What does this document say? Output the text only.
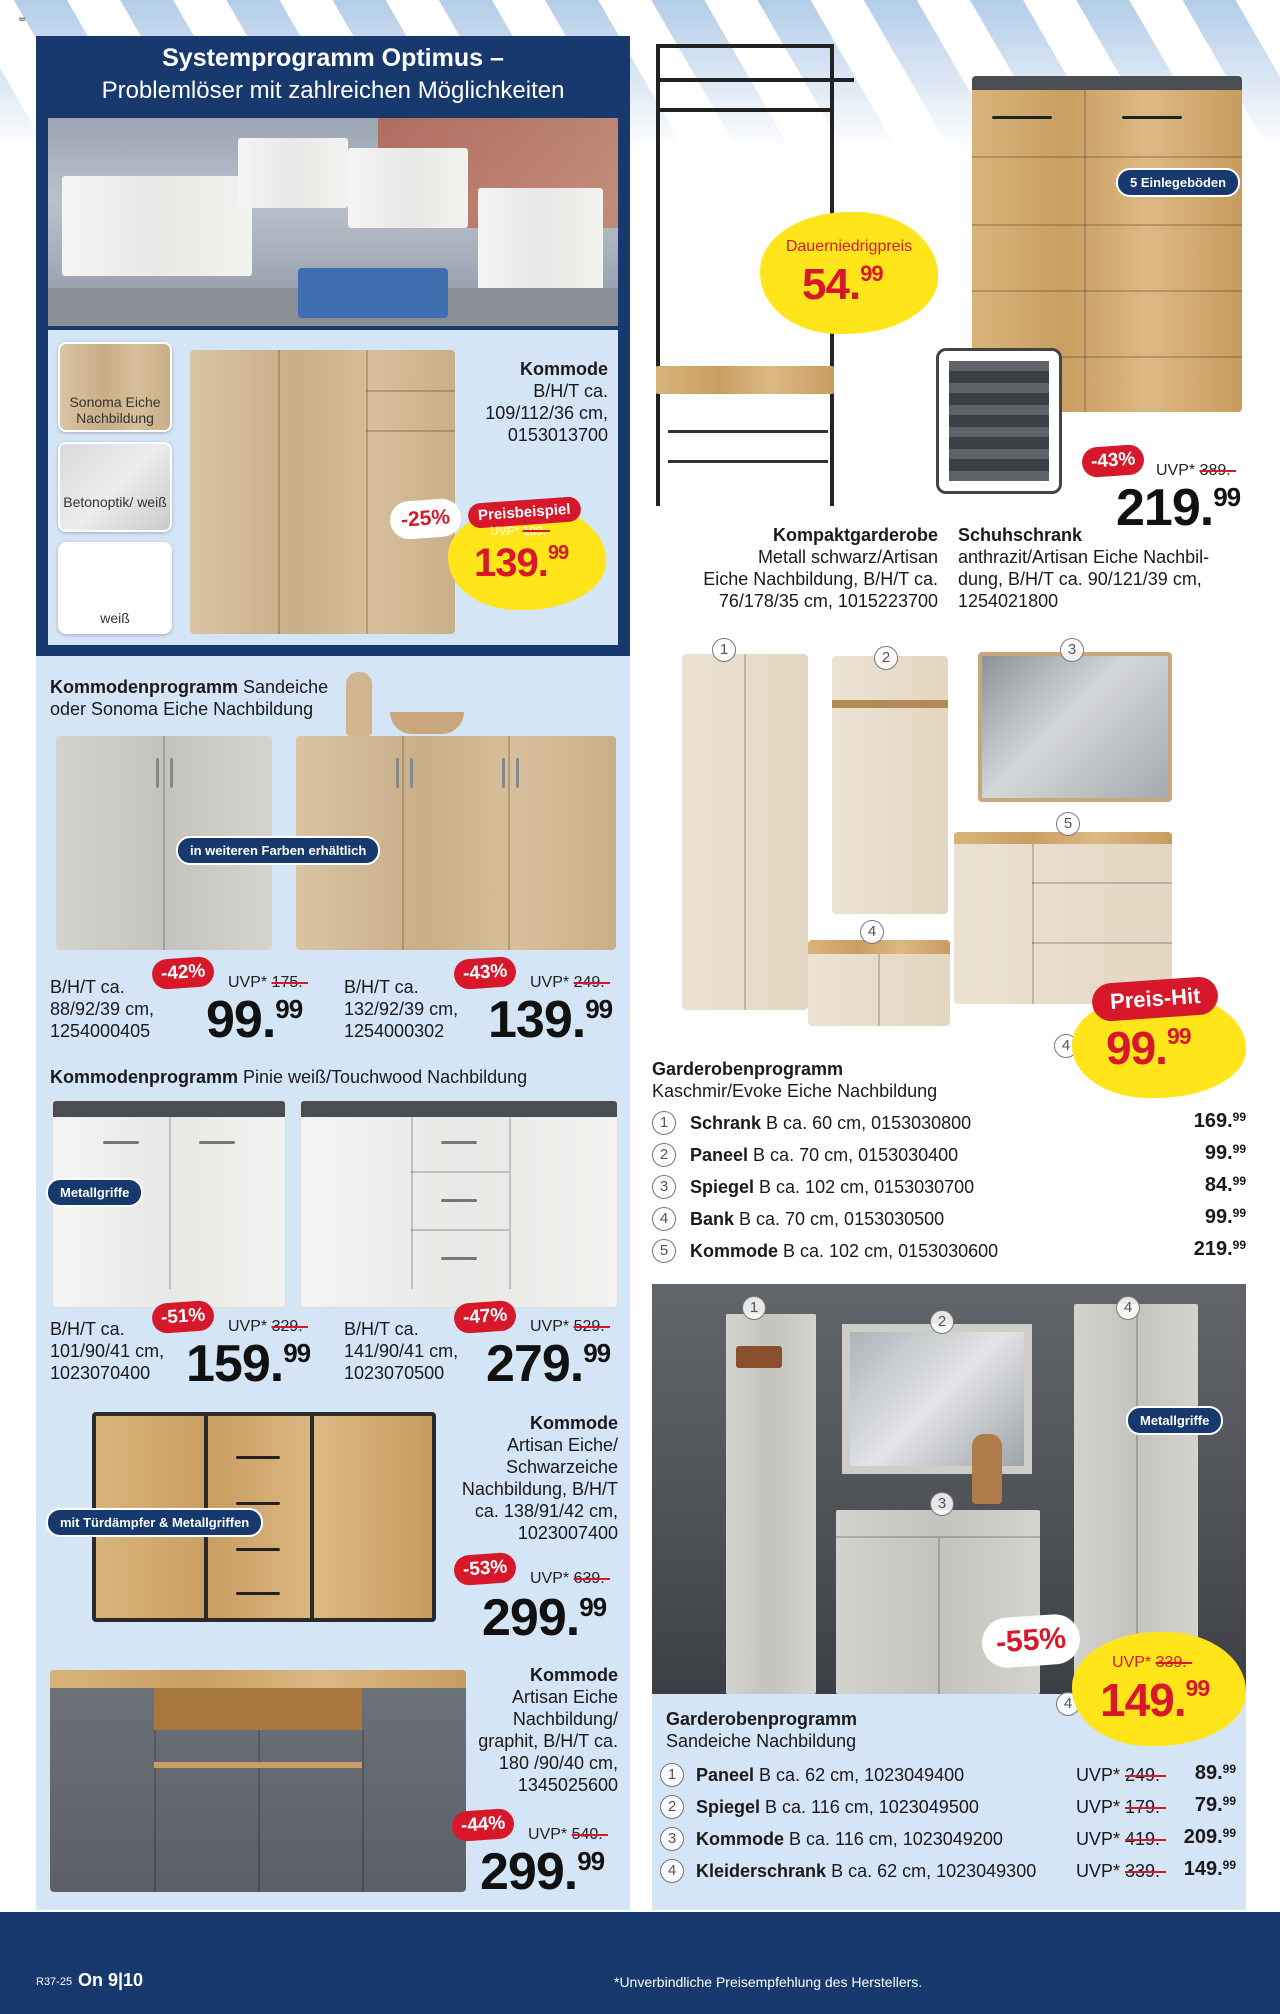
=
Systemprogramm Optimus –
Problemlöser mit zahlreichen Möglichkeiten
Sonoma Eiche Nachbildung
Betonoptik/ weiß
weiß
Kommode
B/H/T ca.
109/112/36 cm,
0153013700
Preisbeispiel
-25%	UVP* 189.-
139.99
Kommodenprogramm Sandeiche
oder Sonoma Eiche Nachbildung
in weiteren Farben erhältlich
B/H/T ca.
88/92/39 cm,
1254000405
-42%	UVP* 175.-
99.99
B/H/T ca.
132/92/39 cm,
1254000302
-43%	UVP* 249.-
139.99
Kommodenprogramm Pinie weiß/Touchwood Nachbildung
Metallgriffe
B/H/T ca.
101/90/41 cm,
1023070400
-51%	UVP* 329.-
159.99
B/H/T ca.
141/90/41 cm,
1023070500
-47%	UVP* 529.-
279.99
mit Türdämpfer & Metallgriffen
Kommode
Artisan Eiche/
Schwarzeiche
Nachbildung, B/H/T
ca. 138/91/42 cm,
1023007400
-53%	UVP* 639.-
299.99
Kommode
Artisan Eiche
Nachbildung/
graphit, B/H/T ca.
180 /90/40 cm,
1345025600
-44%	UVP* 540.-
299.99
Dauerniedrigpreis
54.99
Kompaktgarderobe
Metall schwarz/Artisan
Eiche Nachbildung, B/H/T ca.
76/178/35 cm, 1015223700
5 Einlegeböden
-43%	UVP* 389.-
219.99
Schuhschrank
anthrazit/Artisan Eiche Nachbil-
dung, B/H/T ca. 90/121/39 cm,
1254021800
1	2	3
4
5
4
Preis-Hit
99.99
Garderobenprogramm
Kaschmir/Evoke Eiche Nachbildung
1	Schrank B ca. 60 cm, 0153030800	169.99
2	Paneel B ca. 70 cm, 0153030400	99.99
3	Spiegel B ca. 102 cm, 0153030700	84.99
4	Bank B ca. 70 cm, 0153030500	99.99
5	Kommode B ca. 102 cm, 0153030600	219.99
1
2
3
4
4
Metallgriffe
-55%
UVP* 339.-
149.99
Garderobenprogramm
Sandeiche Nachbildung
1	Paneel B ca. 62 cm, 1023049400	UVP* 249.- 89.99
2	Spiegel B ca. 116 cm, 1023049500	UVP* 179.- 79.99
3	Kommode B ca. 116 cm, 1023049200	UVP* 419.- 209.99
4	Kleiderschrank B ca. 62 cm, 1023049300 UVP* 339.- 149.99
R37-25 On 9|10	*Unverbindliche Preisempfehlung des Herstellers.
